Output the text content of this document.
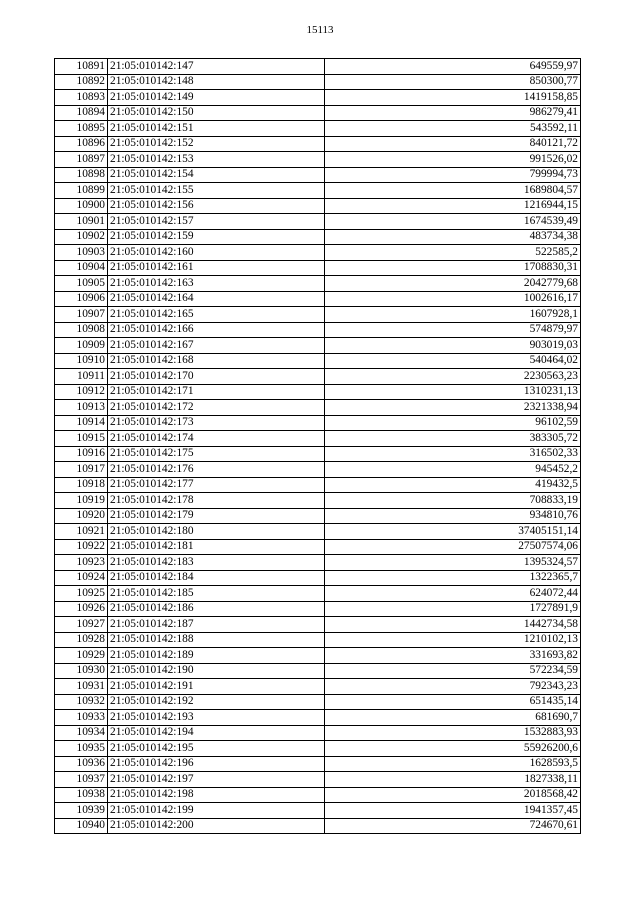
15113
10891	21:05:010142:147	649559,97
10892	21:05:010142:148	850300,77
10893	21:05:010142:149	1419158,85
10894	21:05:010142:150	986279,41
10895	21:05:010142:151	543592,11
10896	21:05:010142:152	840121,72
10897	21:05:010142:153	991526,02
10898	21:05:010142:154	799994,73
10899	21:05:010142:155	1689804,57
10900	21:05:010142:156	1216944,15
10901	21:05:010142:157	1674539,49
10902	21:05:010142:159	483734,38
10903	21:05:010142:160	522585,2
10904	21:05:010142:161	1708830,31
10905	21:05:010142:163	2042779,68
10906	21:05:010142:164	1002616,17
10907	21:05:010142:165	1607928,1
10908	21:05:010142:166	574879,97
10909	21:05:010142:167	903019,03
10910	21:05:010142:168	540464,02
10911	21:05:010142:170	2230563,23
10912	21:05:010142:171	1310231,13
10913	21:05:010142:172	2321338,94
10914	21:05:010142:173	96102,59
10915	21:05:010142:174	383305,72
10916	21:05:010142:175	316502,33
10917	21:05:010142:176	945452,2
10918	21:05:010142:177	419432,5
10919	21:05:010142:178	708833,19
10920	21:05:010142:179	934810,76
10921	21:05:010142:180	37405151,14
10922	21:05:010142:181	27507574,06
10923	21:05:010142:183	1395324,57
10924	21:05:010142:184	1322365,7
10925	21:05:010142:185	624072,44
10926	21:05:010142:186	1727891,9
10927	21:05:010142:187	1442734,58
10928	21:05:010142:188	1210102,13
10929	21:05:010142:189	331693,82
10930	21:05:010142:190	572234,59
10931	21:05:010142:191	792343,23
10932	21:05:010142:192	651435,14
10933	21:05:010142:193	681690,7
10934	21:05:010142:194	1532883,93
10935	21:05:010142:195	55926200,6
10936	21:05:010142:196	1628593,5
10937	21:05:010142:197	1827338,11
10938	21:05:010142:198	2018568,42
10939	21:05:010142:199	1941357,45
10940	21:05:010142:200	724670,61
